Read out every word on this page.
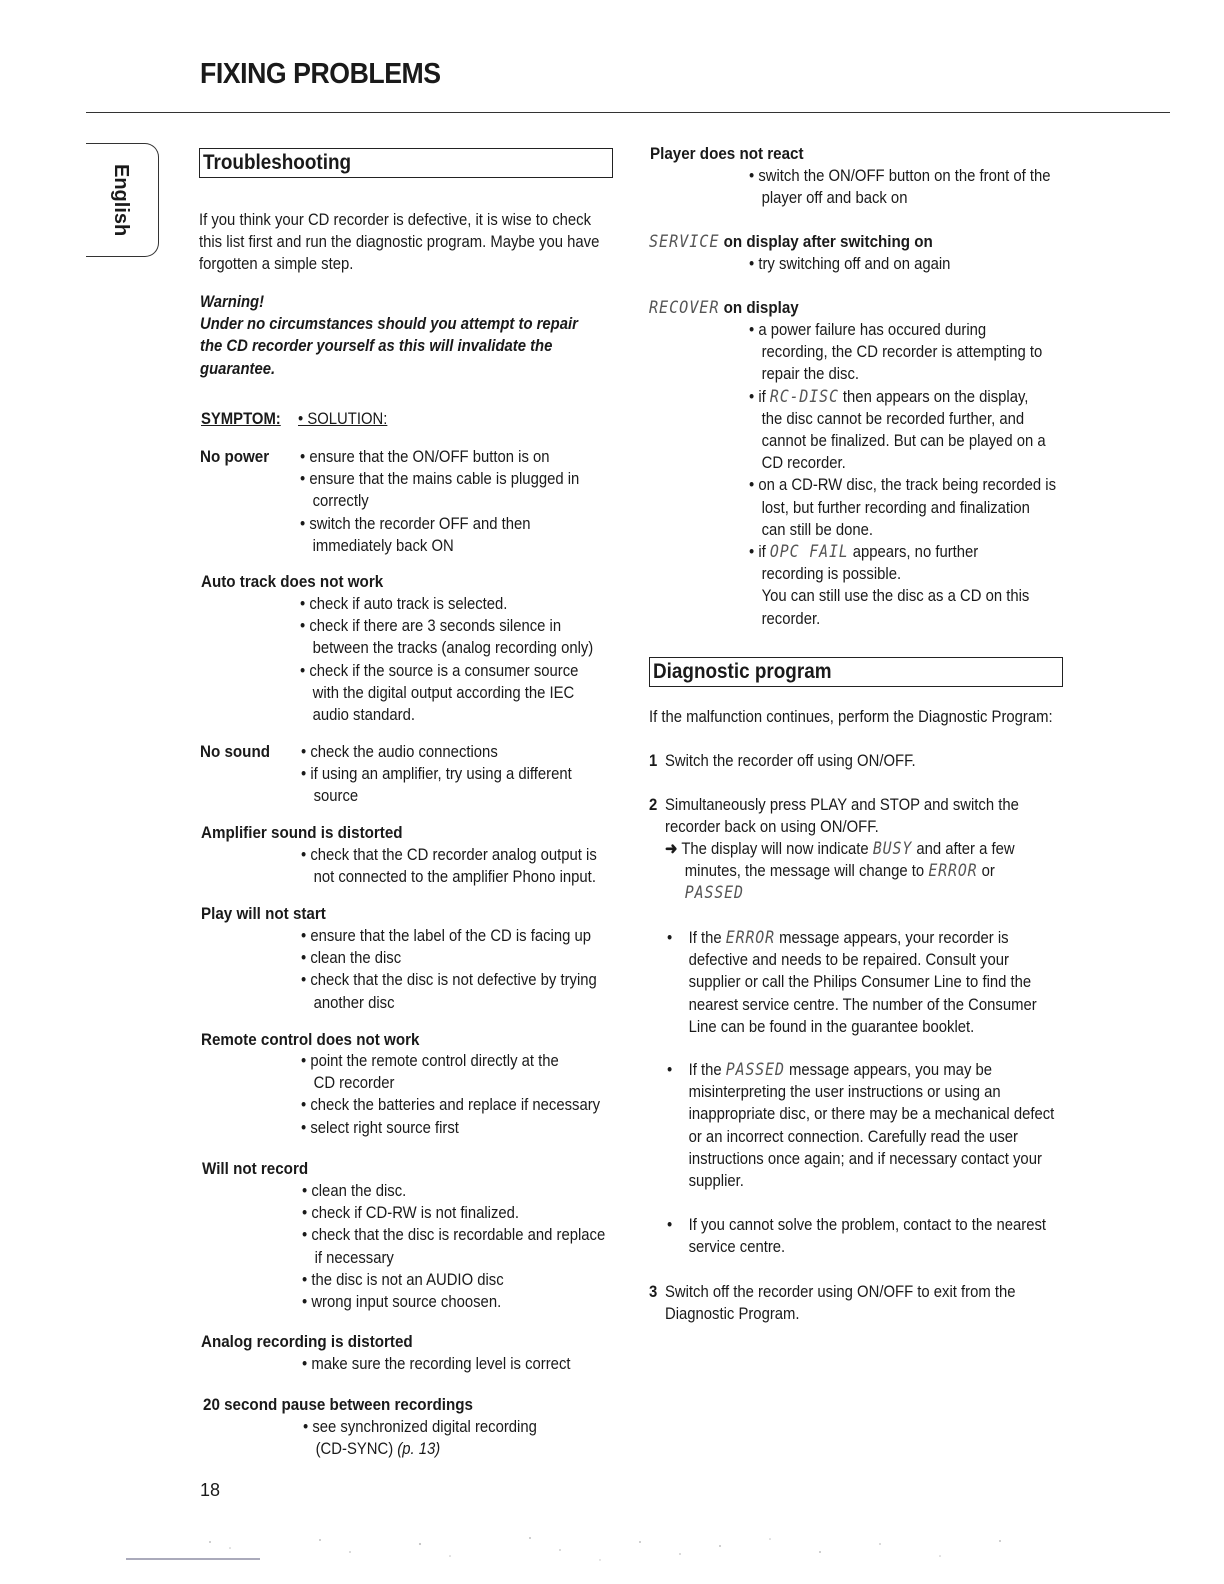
FIXING PROBLEMS
English
Troubleshooting
If you think your CD recorder is defective, it is wise to check
this list first and run the diagnostic program. Maybe you have
forgotten a simple step.
Warning!
Under no circumstances should you attempt to repair
the CD recorder yourself as this will invalidate the
guarantee.
SYMPTOM: • SOLUTION:
No power	• ensure that the ON/OFF button is on
• ensure that the mains cable is plugged in
correctly
• switch the recorder OFF and then
immediately back ON
Auto track does not work
• check if auto track is selected.
• check if there are 3 seconds silence in
between the tracks (analog recording only)
• check if the source is a consumer source
with the digital output according the IEC
audio standard.
No sound	• check the audio connections
• if using an amplifier, try using a different
source
Amplifier sound is distorted
• check that the CD recorder analog output is
not connected to the amplifier Phono input.
Play will not start
• ensure that the label of the CD is facing up
• clean the disc
• check that the disc is not defective by trying
another disc
Remote control does not work
• point the remote control directly at the
CD recorder
• check the batteries and replace if necessary
• select right source first
Will not record
• clean the disc.
• check if CD-RW is not finalized.
• check that the disc is recordable and replace
if necessary
• the disc is not an AUDIO disc
• wrong input source choosen.
Analog recording is distorted
• make sure the recording level is correct
20 second pause between recordings
• see synchronized digital recording
(CD-SYNC) (p. 13)
18
Player does not react
• switch the ON/OFF button on the front of the
player off and back on
SERVICE on display after switching on
• try switching off and on again
RECOVER on display
• a power failure has occured during
recording, the CD recorder is attempting to
repair the disc.
• if RC-DISC then appears on the display,
the disc cannot be recorded further, and
cannot be finalized. But can be played on a
CD recorder.
• on a CD-RW disc, the track being recorded is
lost, but further recording and finalization
can still be done.
• if OPC FAIL appears, no further
recording is possible.
You can still use the disc as a CD on this
recorder.
Diagnostic program
If the malfunction continues, perform the Diagnostic Program:
1 Switch the recorder off using ON/OFF.
2 Simultaneously press PLAY and STOP and switch the
recorder back on using ON/OFF.
➜ The display will now indicate BUSY and after a few
minutes, the message will change to ERROR or
PASSED
• If the ERROR message appears, your recorder is
defective and needs to be repaired. Consult your
supplier or call the Philips Consumer Line to find the
nearest service centre. The number of the Consumer
Line can be found in the guarantee booklet.
• If the PASSED message appears, you may be
misinterpreting the user instructions or using an
inappropriate disc, or there may be a mechanical defect
or an incorrect connection. Carefully read the user
instructions once again; and if necessary contact your
supplier.
• If you cannot solve the problem, contact to the nearest
service centre.
3 Switch off the recorder using ON/OFF to exit from the
Diagnostic Program.
